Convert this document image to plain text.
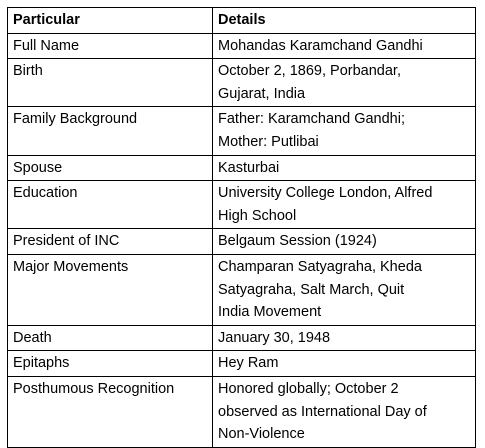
Particular	Details
Full Name	Mohandas Karamchand Gandhi

Birth	October 2, 1869, Porbandar,
Gujarat, India

Family Background	Father: Karamchand Gandhi;
Mother: Putlibai

Spouse	Kasturbai

Education	University College London, Alfred
High School

President of INC	Belgaum Session (1924)

Major Movements	Champaran Satyagraha, Kheda
Satyagraha, Salt March, Quit
India Movement

Death	January 30, 1948

Epitaphs	Hey Ram

Posthumous Recognition	Honored globally; October 2
observed as International Day of
Non-Violence
